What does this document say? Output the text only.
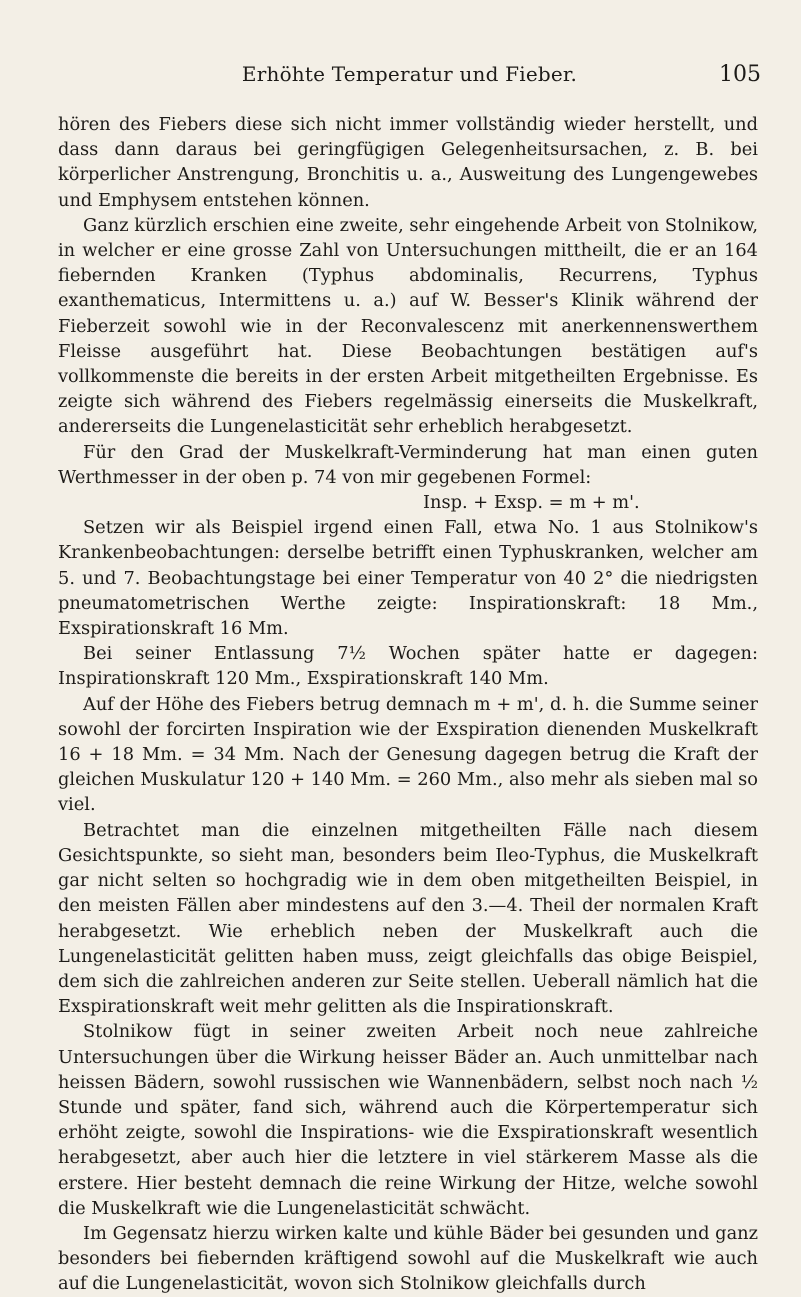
Erhöhte Temperatur und Fieber.	105

hören des Fiebers diese sich nicht immer vollständig wieder herstellt, und dass dann daraus bei geringfügigen Gelegenheitsursachen, z. B. bei körperlicher Anstrengung, Bronchitis u. a., Ausweitung des Lungengewebes und Emphysem entstehen können.

Ganz kürzlich erschien eine zweite, sehr eingehende Arbeit von Stolnikow, in welcher er eine grosse Zahl von Untersuchungen mittheilt, die er an 164 fiebernden Kranken (Typhus abdominalis, Recurrens, Typhus exanthematicus, Intermittens u. a.) auf W. Besser's Klinik während der Fieberzeit sowohl wie in der Reconvalescenz mit anerkennenswerthem Fleisse ausgeführt hat. Diese Beobachtungen bestätigen auf's vollkommenste die bereits in der ersten Arbeit mitgetheilten Ergebnisse. Es zeigte sich während des Fiebers regelmässig einerseits die Muskelkraft, andererseits die Lungenelasticität sehr erheblich herabgesetzt.

Für den Grad der Muskelkraft-Verminderung hat man einen guten Werthmesser in der oben p. 74 von mir gegebenen Formel:

Insp. + Exsp. = m + m'.

Setzen wir als Beispiel irgend einen Fall, etwa No. 1 aus Stolnikow's Krankenbeobachtungen: derselbe betrifft einen Typhuskranken, welcher am 5. und 7. Beobachtungstage bei einer Temperatur von 40 2° die niedrigsten pneumatometrischen Werthe zeigte: Inspirationskraft: 18 Mm., Exspirationskraft 16 Mm.

Bei seiner Entlassung 7½ Wochen später hatte er dagegen: Inspirationskraft 120 Mm., Exspirationskraft 140 Mm.

Auf der Höhe des Fiebers betrug demnach m + m', d. h. die Summe seiner sowohl der forcirten Inspiration wie der Exspiration dienenden Muskelkraft 16 + 18 Mm. = 34 Mm. Nach der Genesung dagegen betrug die Kraft der gleichen Muskulatur 120 + 140 Mm. = 260 Mm., also mehr als sieben mal so viel.

Betrachtet man die einzelnen mitgetheilten Fälle nach diesem Gesichtspunkte, so sieht man, besonders beim Ileo-Typhus, die Muskelkraft gar nicht selten so hochgradig wie in dem oben mitgetheilten Beispiel, in den meisten Fällen aber mindestens auf den 3.—4. Theil der normalen Kraft herabgesetzt. Wie erheblich neben der Muskelkraft auch die Lungenelasticität gelitten haben muss, zeigt gleichfalls das obige Beispiel, dem sich die zahlreichen anderen zur Seite stellen. Ueberall nämlich hat die Exspirationskraft weit mehr gelitten als die Inspirationskraft.

Stolnikow fügt in seiner zweiten Arbeit noch neue zahlreiche Untersuchungen über die Wirkung heisser Bäder an. Auch unmittelbar nach heissen Bädern, sowohl russischen wie Wannenbädern, selbst noch nach ½ Stunde und später, fand sich, während auch die Körpertemperatur sich erhöht zeigte, sowohl die Inspirations- wie die Exspirationskraft wesentlich herabgesetzt, aber auch hier die letztere in viel stärkerem Masse als die erstere. Hier besteht demnach die reine Wirkung der Hitze, welche sowohl die Muskelkraft wie die Lungenelasticität schwächt.

Im Gegensatz hierzu wirken kalte und kühle Bäder bei gesunden und ganz besonders bei fiebernden kräftigend sowohl auf die Muskelkraft wie auch auf die Lungenelasticität, wovon sich Stolnikow gleichfalls durch
